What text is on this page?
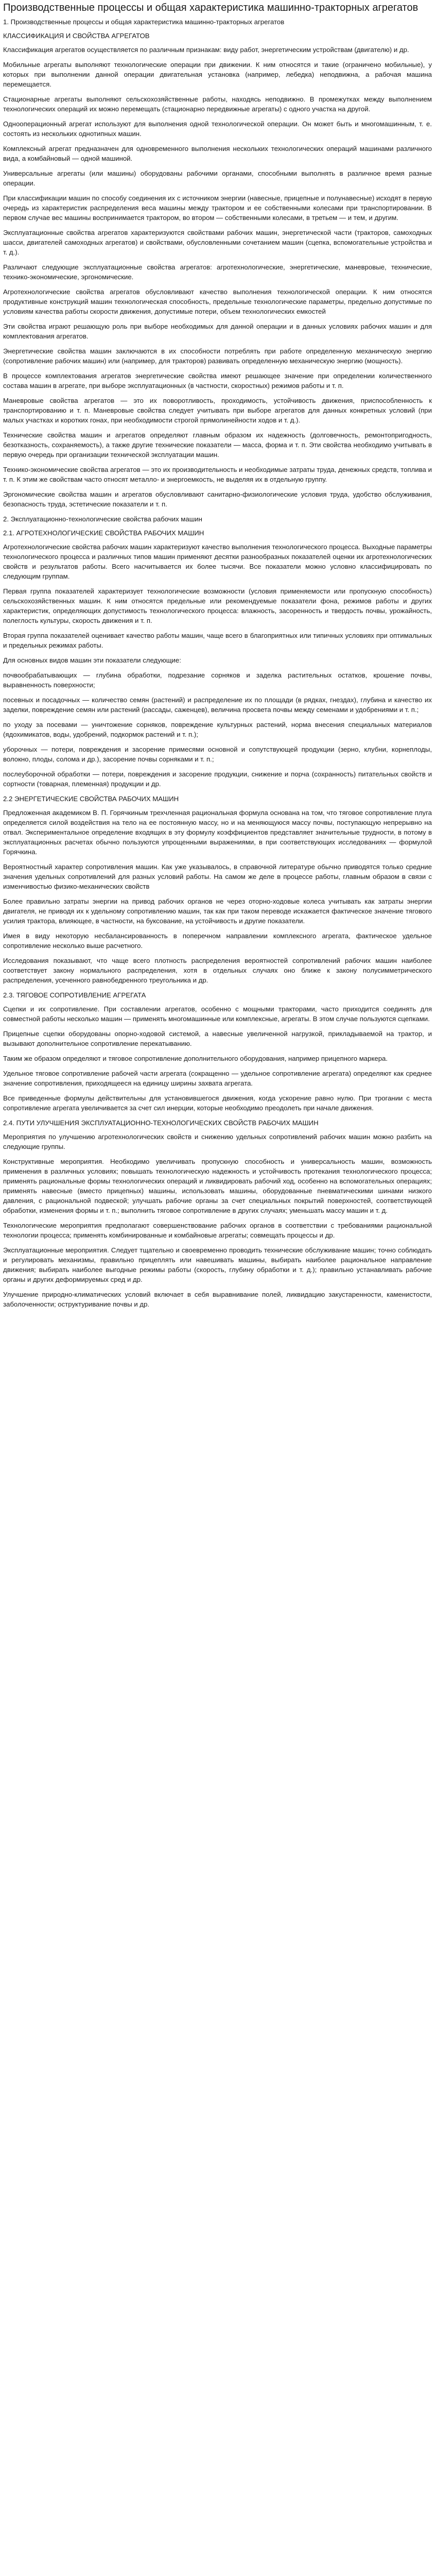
Производственные процессы и общая характеристика машинно-тракторных агрегатов

1. Производственные процессы и общая характеристика машинно-тракторных агрегатов

КЛАССИФИКАЦИЯ И СВОЙСТВА АГРЕГАТОВ

Классификация агрегатов осуществляется по различным признакам: виду работ, энергетическим устройствам (двигателю) и др.

Мобильные агрегаты выполняют технологические операции при движении. К ним относятся и такие (ограничено мобильные), у которых при выполнении данной операции двигательная установка (например, лебедка) неподвижна, а рабочая машина перемещается.

Стационарные агрегаты выполняют сельскохозяйственные работы, находясь неподвижно. В промежутках между выполнением технологических операций их можно перемещать (стационарно передвижные агрегаты) с одного участка на другой.

Однооперационный агрегат используют для выполнения одной технологической операции. Он может быть и многомашинным, т. е. состоять из нескольких однотипных машин.

Комплексный агрегат предназначен для одновременного выполнения нескольких технологических операций машинами различного вида, а комбайновый — одной машиной.

Универсальные агрегаты (или машины) оборудованы рабочими органами, способными выполнять в различное время разные операции.

При классификации машин по способу соединения их с источником энергии (навесные, прицепные и полунавесные) исходят в первую очередь из характеристик распределения веса машины между трактором и ее собственными колесами при транспортировании. В первом случае вес машины воспринимается трактором, во втором — собственными колесами, в третьем — и тем, и другим.

Эксплуатационные свойства агрегатов характеризуются свойствами рабочих машин, энергетической части (тракторов, самоходных шасси, двигателей самоходных агрегатов) и свойствами, обусловленными сочетанием машин (сцепка, вспомогательные устройства и т. д.).

Различают следующие эксплуатационные свойства агрегатов: агротехнологические, энергетические, маневровые, технические, технико-экономические, эргономические.

Агротехнологические свойства агрегатов обусловливают качество выполнения технологической операции. К ним относятся продуктивные конструкций машин технологическая способность, предельные технологические параметры, предельно допустимые по условиям качества работы скорости движения, допустимые потери, объем технологических емкостей

Эти свойства играют решающую роль при выборе необходимых для данной операции и в данных условиях рабочих машин и для комплектования агрегатов.

Энергетические свойства машин заключаются в их способности потреблять при работе определенную механическую энергию (сопротивление рабочих машин) или (например, для тракторов) развивать определенную механическую энергию (мощность).

В процессе комплектования агрегатов энергетические свойства имеют решающее значение при определении количественного состава машин в агрегате, при выборе эксплуатационных (в частности, скоростных) режимов работы и т. п.

Маневровые свойства агрегатов — это их поворотливость, проходимость, устойчивость движения, приспособленность к транспортированию и т. п. Маневровые свойства следует учитывать при выборе агрегатов для данных конкретных условий (при малых участках и коротких гонах, при необходимости строгой прямолинейности ходов и т. д.).

Технические свойства машин и агрегатов определяют главным образом их надежность (долговечность, ремонтопригодность, безотказность, сохраняемость), а также другие технические показатели — масса, форма и т. п. Эти свойства необходимо учитывать в первую очередь при организации технической эксплуатации машин.

Технико-экономические свойства агрегатов — это их производительность и необходимые затраты труда, денежных средств, топлива и т. п. К этим же свойствам часто относят металло- и энергоемкость, не выделяя их в отдельную группу.

Эргономические свойства машин и агрегатов обусловливают санитарно-физиологические условия труда, удобство обслуживания, безопасность труда, эстетические показатели и т. п.

2. Эксплуатационно-технологические свойства рабочих машин

2.1. АГРОТЕХНОЛОГИЧЕСКИЕ СВОЙСТВА РАБОЧИХ МАШИН

Агротехнологические свойства рабочих машин характеризуют качество выполнения технологического процесса. Выходные параметры технологического процесса и различных типов машин применяют десятки разнообразных показателей оценки их агротехнологических свойств и результатов работы. Всего насчитывается их более тысячи. Все показатели можно условно классифицировать по следующим группам.

Первая группа показателей характеризует технологические возможности (условия применяемости или пропускную способность) сельскохозяйственных машин. К ним относятся предельные или рекомендуемые показатели фона, режимов работы и других характеристик, определяющих допустимость технологического процесса: влажность, засоренность и твердость почвы, урожайность, полеглость культуры, скорость движения и т. п.

Вторая группа показателей оценивает качество работы машин, чаще всего в благоприятных или типичных условиях при оптимальных и предельных режимах работы.

Для основных видов машин эти показатели следующие:

почвообрабатывающих — глубина обработки, подрезание сорняков и заделка растительных остатков, крошение почвы, выравненность поверхности;

посевных и посадочных — количество семян (растений) и распределение их по площади (в рядках, гнездах), глубина и качество их заделки, повреждение семян или растений (рассады, саженцев), величина просвета почвы между семенами и удобрениями и т. п.;

по уходу за посевами — уничтожение сорняков, повреждение культурных растений, норма внесения специальных материалов (ядохимикатов, воды, удобрений, подкормок растений и т. п.);

уборочных — потери, повреждения и засорение примесями основной и сопутствующей продукции (зерно, клубни, корнеплоды, волокно, плоды, солома и др.), засорение почвы сорняками и т. п.;

послеуборочной обработки — потери, повреждения и засорение продукции, снижение и порча (сохранность) питательных свойств и сортности (товарная, племенная) продукции и др.

2.2 ЭНЕРГЕТИЧЕСКИЕ СВОЙСТВА РАБОЧИХ МАШИН

Предложенная академиком В. П. Горячкиным трехчленная рациональная формула основана на том, что тяговое сопротивление плуга определяется силой воздействия на тело на ее постоянную массу, но и на меняющуюся массу почвы, поступающую непрерывно на отвал. Экспериментальное определение входящих в эту формулу коэффициентов представляет значительные трудности, в потому в эксплуатационных расчетах обычно пользуются упрощенными выражениями, в при соответствующих исследованиях — формулой Горячкина.

Вероятностный характер сопротивления машин. Как уже указывалось, в справочной литературе обычно приводятся только средние значения удельных сопротивлений для разных условий работы. На самом же деле в процессе работы, главным образом в связи с изменчивостью физико-механических свойств

Более правильно затраты энергии на привод рабочих органов не через оторно-ходовые колеса учитывать как затраты энергии двигателя, не приводя их к удельному сопротивлению машин, так как при таком переводе искажается фактическое значение тягового усилия трактора, влияющее, в частности, на буксование, на устойчивость и другие показатели.

Имея в виду некоторую несбалансированность в поперечном направлении комплексного агрегата, фактическое удельное сопротивление несколько выше расчетного.

Исследования показывают, что чаще всего плотность распределения вероятностей сопротивлений рабочих машин наиболее соответствует закону нормального распределения, хотя в отдельных случаях оно ближе к закону полусимметрического распределения, усеченного равнобедренного треугольника и др.

2.3. ТЯГОВОЕ СОПРОТИВЛЕНИЕ АГРЕГАТА

Сцепки и их сопротивление. При составлении агрегатов, особенно с мощными тракторами, часто приходится соединять для совместной работы несколько машин — применять многомашинные или комплексные, агрегаты. В этом случае пользуются сцепками.

Прицепные сцепки оборудованы опорно-ходовой системой, а навесные увеличенной нагрузкой, прикладываемой на трактор, и вызывают дополнительное сопротивление перекатыванию.

Таким же образом определяют и тяговое сопротивление дополнительного оборудования, например прицепного маркера.

Удельное тяговое сопротивление рабочей части агрегата (сокращенно — удельное сопротивление агрегата) определяют как среднее значение сопротивления, приходящееся на единицу ширины захвата агрегата.

Все приведенные формулы действительны для установившегося движения, когда ускорение равно нулю. При трогании с места сопротивление агрегата увеличивается за счет сил инерции, которые необходимо преодолеть при начале движения.

2.4. ПУТИ УЛУЧШЕНИЯ ЭКСПЛУАТАЦИОННО-ТЕХНОЛОГИЧЕСКИХ СВОЙСТВ РАБОЧИХ МАШИН

Мероприятия по улучшению агротехнологических свойств и снижению удельных сопротивлений рабочих машин можно разбить на следующие группы.

Конструктивные мероприятия. Необходимо увеличивать пропускную способность и универсальность машин, возможность применения в различных условиях; повышать технологическую надежность и устойчивость протекания технологического процесса; применять рациональные формы технологических операций и ликвидировать рабочий ход, особенно на вспомогательных операциях; применять навесные (вместо прицепных) машины, использовать машины, оборудованные пневматическими шинами низкого давления, с рациональной подвеской; улучшать рабочие органы за счет специальных покрытий поверхностей, соответствующей обработки, изменения формы и т. п.; выполнить тяговое сопротивление в других случаях; уменьшать массу машин и т. д.

Технологические мероприятия предполагают совершенствование рабочих органов в соответствии с требованиями рациональной технологии процесса; применять комбинированные и комбайновые агрегаты; совмещать процессы и др.

Эксплуатационные мероприятия. Следует тщательно и своевременно проводить технические обслуживание машин; точно соблюдать и регулировать механизмы, правильно прицеплять или навешивать машины, выбирать наиболее рациональное направление движения; выбирать наиболее выгодные режимы работы (скорость, глубину обработки и т. д.); правильно устанавливать рабочие органы и других деформируемых сред и др.

Улучшение природно-климатических условий включает в себя выравнивание полей, ликвидацию закустаренности, каменистости, заболоченности; оструктуривание почвы и др.
